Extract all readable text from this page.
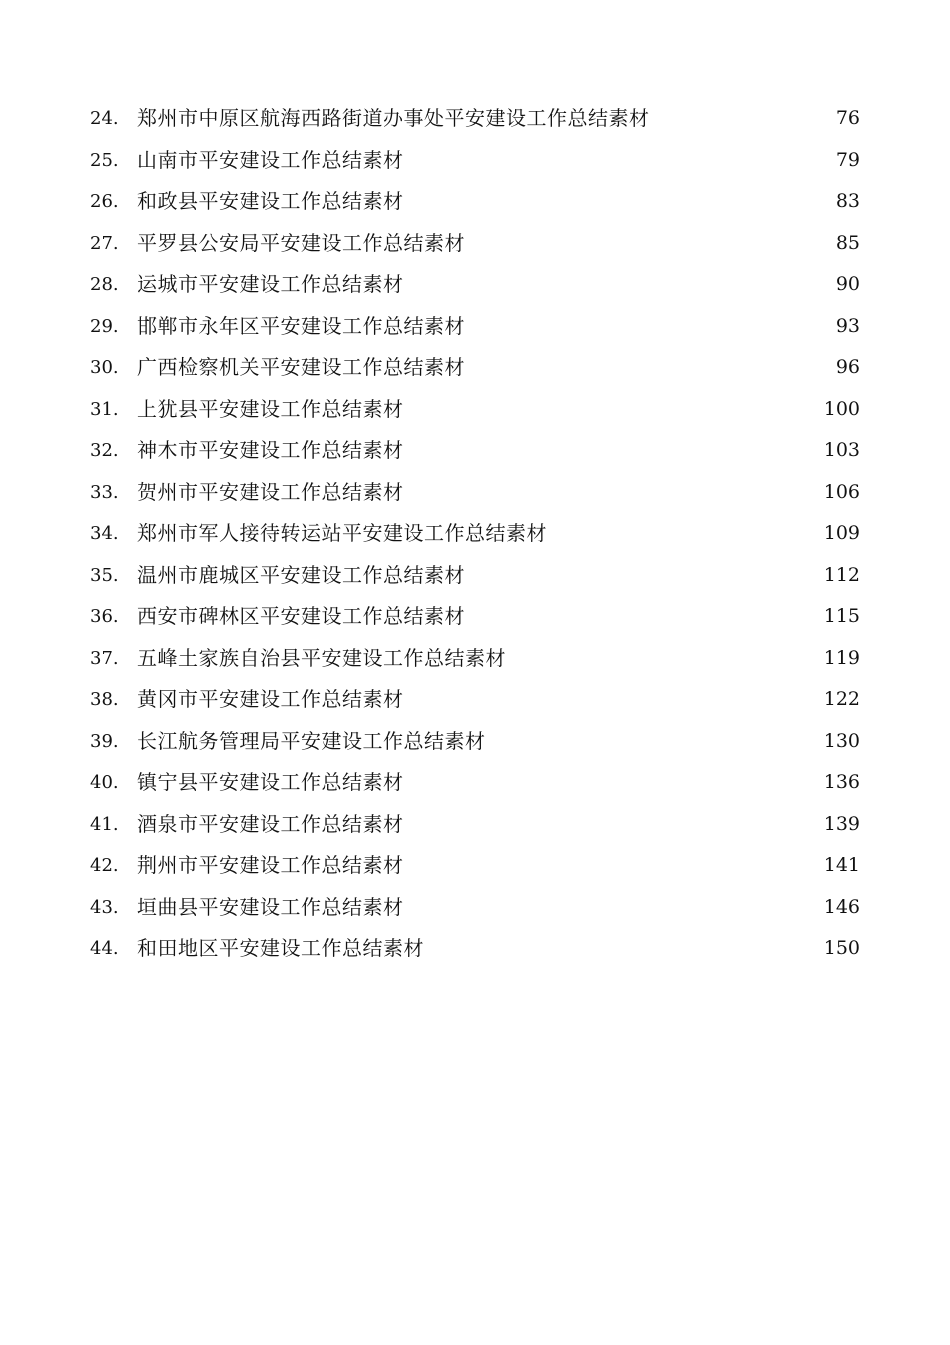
24. 郑州市中原区航海西路街道办事处平安建设工作总结素材	76
25. 山南市平安建设工作总结素材	79
26. 和政县平安建设工作总结素材	83
27. 平罗县公安局平安建设工作总结素材	85
28. 运城市平安建设工作总结素材	90
29. 邯郸市永年区平安建设工作总结素材	93
30. 广西检察机关平安建设工作总结素材	96
31. 上犹县平安建设工作总结素材	100
32. 神木市平安建设工作总结素材	103
33. 贺州市平安建设工作总结素材	106
34. 郑州市军人接待转运站平安建设工作总结素材	109
35. 温州市鹿城区平安建设工作总结素材	112
36. 西安市碑林区平安建设工作总结素材	115
37. 五峰土家族自治县平安建设工作总结素材	119
38. 黄冈市平安建设工作总结素材	122
39. 长江航务管理局平安建设工作总结素材	130
40. 镇宁县平安建设工作总结素材	136
41. 酒泉市平安建设工作总结素材	139
42. 荆州市平安建设工作总结素材	141
43. 垣曲县平安建设工作总结素材	146
44. 和田地区平安建设工作总结素材	150
